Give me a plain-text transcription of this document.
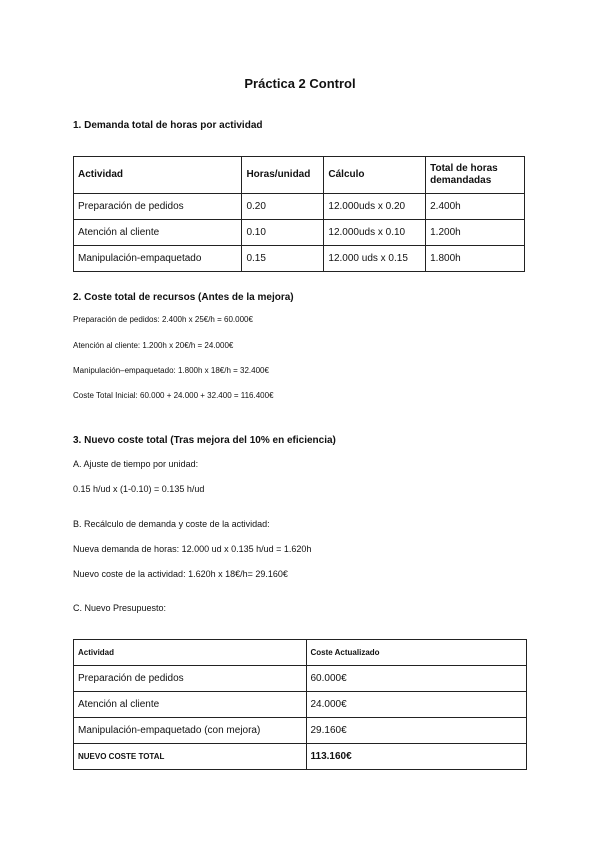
Práctica 2 Control
1. Demanda total de horas por actividad
Actividad	Horas/unidad	Cálculo	Total de horas demandadas
Preparación de pedidos	0.20	12.000uds x 0.20	2.400h
Atención al cliente	0.10	12.000uds x 0.10	1.200h
Manipulación-empaquetado	0.15	12.000 uds x 0.15	1.800h
2. Coste total de recursos (Antes de la mejora)
Preparación de pedidos: 2.400h x 25€/h = 60.000€
Atención al cliente: 1.200h x 20€/h = 24.000€
Manipulación–empaquetado: 1.800h x 18€/h = 32.400€
Coste Total Inicial: 60.000 + 24.000 + 32.400 = 116.400€
3. Nuevo coste total (Tras mejora del 10% en eficiencia)
A. Ajuste de tiempo por unidad:
0.15 h/ud x (1-0.10) = 0.135 h/ud
B. Recálculo de demanda y coste de la actividad:
Nueva demanda de horas: 12.000 ud x 0.135 h/ud = 1.620h
Nuevo coste de la actividad: 1.620h x 18€/h= 29.160€
C. Nuevo Presupuesto:
Actividad	Coste Actualizado
Preparación de pedidos	60.000€
Atención al cliente	24.000€
Manipulación-empaquetado (con mejora)	29.160€
NUEVO COSTE TOTAL	113.160€
